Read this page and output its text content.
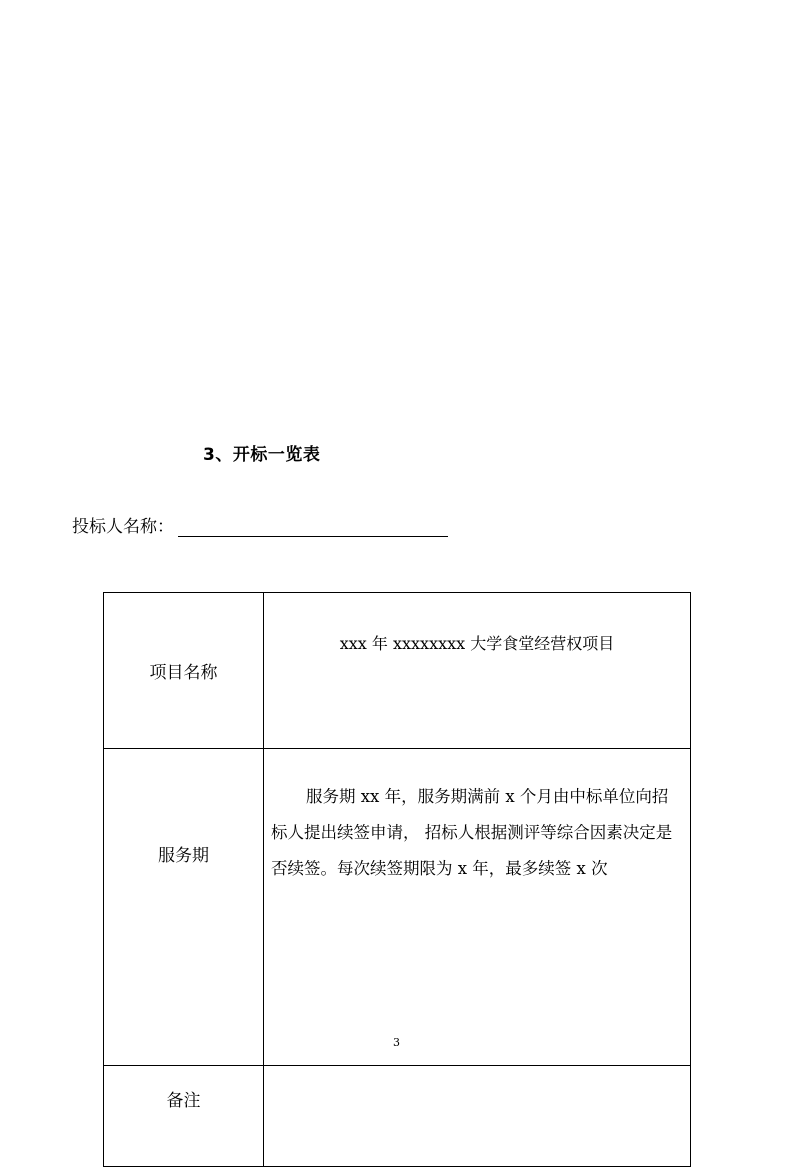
3、开标一览表
投标人名称：
项目名称	xxx 年 xxxxxxxx 大学食堂经营权项目
服务期	服务期 xx 年，服务期满前 x 个月由中标单位向招标人提出续签申请， 招标人根据测评等综合因素决定是否续签。每次续签期限为 x 年，最多续签 x 次
备注	
3
